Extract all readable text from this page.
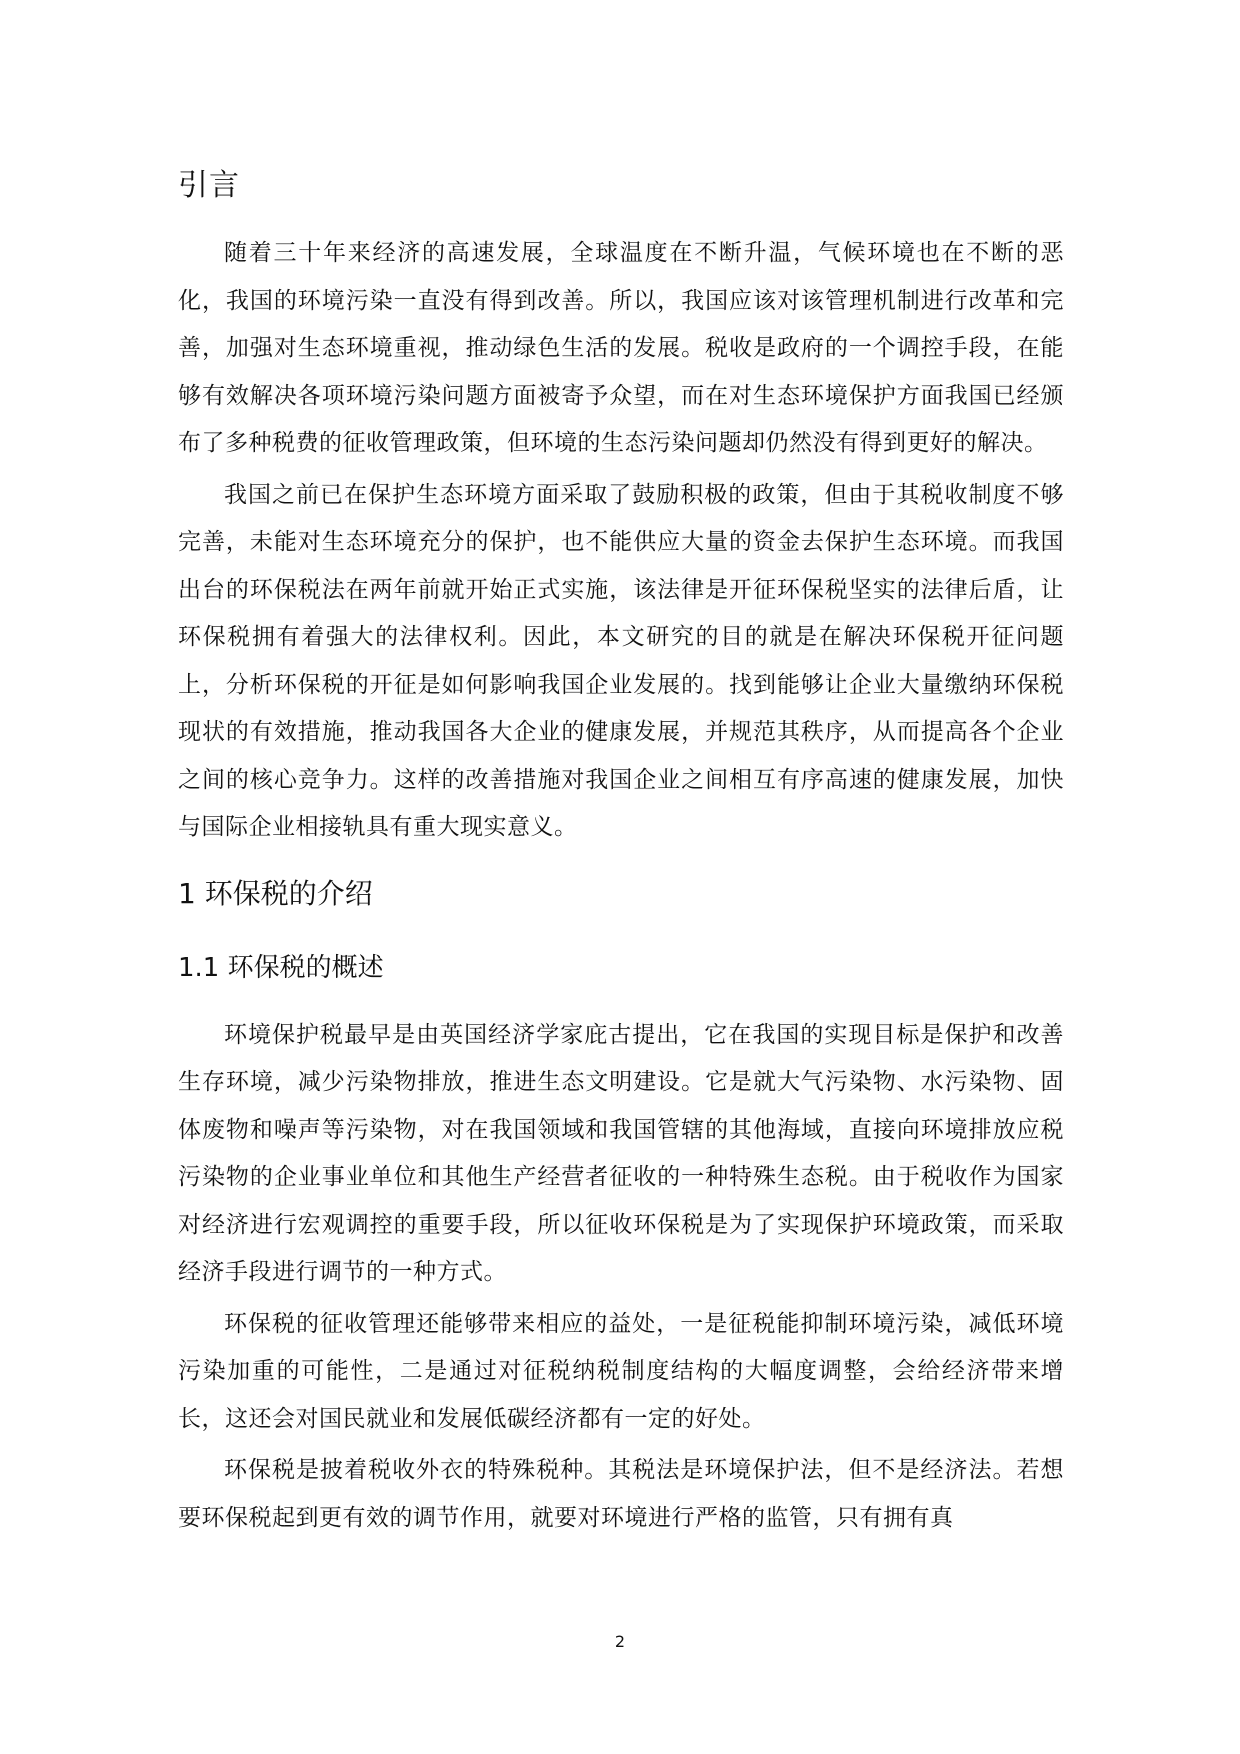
引言

随着三十年来经济的高速发展，全球温度在不断升温，气候环境也在不断的恶化，我国的环境污染一直没有得到改善。所以，我国应该对该管理机制进行改革和完善，加强对生态环境重视，推动绿色生活的发展。税收是政府的一个调控手段，在能够有效解决各项环境污染问题方面被寄予众望，而在对生态环境保护方面我国已经颁布了多种税费的征收管理政策，但环境的生态污染问题却仍然没有得到更好的解决。

我国之前已在保护生态环境方面采取了鼓励积极的政策，但由于其税收制度不够完善，未能对生态环境充分的保护，也不能供应大量的资金去保护生态环境。而我国出台的环保税法在两年前就开始正式实施，该法律是开征环保税坚实的法律后盾，让环保税拥有着强大的法律权利。因此，本文研究的目的就是在解决环保税开征问题上，分析环保税的开征是如何影响我国企业发展的。找到能够让企业大量缴纳环保税现状的有效措施，推动我国各大企业的健康发展，并规范其秩序，从而提高各个企业之间的核心竞争力。这样的改善措施对我国企业之间相互有序高速的健康发展，加快与国际企业相接轨具有重大现实意义。

1 环保税的介绍
1.1 环保税的概述

环境保护税最早是由英国经济学家庇古提出，它在我国的实现目标是保护和改善生存环境，减少污染物排放，推进生态文明建设。它是就大气污染物、水污染物、固体废物和噪声等污染物，对在我国领域和我国管辖的其他海域，直接向环境排放应税污染物的企业事业单位和其他生产经营者征收的一种特殊生态税。由于税收作为国家对经济进行宏观调控的重要手段，所以征收环保税是为了实现保护环境政策，而采取经济手段进行调节的一种方式。

环保税的征收管理还能够带来相应的益处，一是征税能抑制环境污染，减低环境污染加重的可能性，二是通过对征税纳税制度结构的大幅度调整，会给经济带来增长，这还会对国民就业和发展低碳经济都有一定的好处。

环保税是披着税收外衣的特殊税种。其税法是环境保护法，但不是经济法。若想要环保税起到更有效的调节作用，就要对环境进行严格的监管，只有拥有真

2
